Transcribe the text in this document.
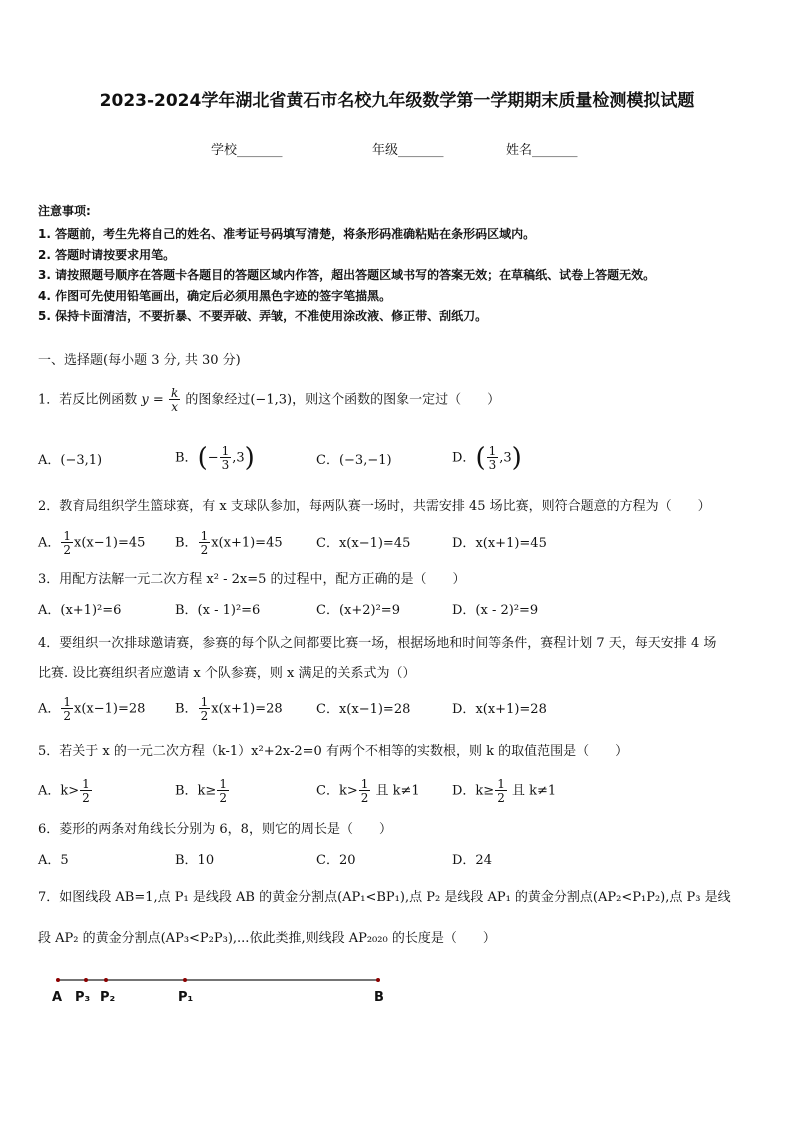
2023-2024学年湖北省黄石市名校九年级数学第一学期期末质量检测模拟试题
学校_______	年级_______	姓名_______
注意事项:
1. 答题前，考生先将自己的姓名、准考证号码填写清楚，将条形码准确粘贴在条形码区域内。
2. 答题时请按要求用笔。
3. 请按照题号顺序在答题卡各题目的答题区域内作答，超出答题区域书写的答案无效；在草稿纸、试卷上答题无效。
4. 作图可先使用铅笔画出，确定后必须用黑色字迹的签字笔描黑。
5. 保持卡面清洁，不要折暴、不要弄破、弄皱，不准使用涂改液、修正带、刮纸刀。
一、选择题(每小题 3 分, 共 30 分)
1．若反比例函数 $y = \frac{k}{x}$ 的图象经过(−1,3)，则这个函数的图象一定过（　　）
A．(−3,1)	B．(− $\frac{1}{3} ,3$)	C．(−3,−1)	D．( $\frac{1}{3} ,3$)
2．教育局组织学生篮球赛，有 x 支球队参加，每两队赛一场时，共需安排 45 场比赛，则符合题意的方程为（　　）
A． $\frac{1}{2} x(x-1)=45$ B． $\frac{1}{2} x(x+1)=45$	C．x(x−1)=45	D．x(x+1)=45
3．用配方法解一元二次方程 x² - 2x=5 的过程中，配方正确的是（　　）
A．(x+1)²=6	B．(x - 1)²=6	C．(x+2)²=9	D．(x - 2)²=9
4．要组织一次排球邀请赛，参赛的每个队之间都要比赛一场，根据场地和时间等条件，赛程计划 7 天，每天安排 4 场
比赛. 设比赛组织者应邀请 x 个队参赛，则 x 满足的关系式为（）
A． $\frac{1}{2} x(x-1)=28$ B． $\frac{1}{2} x(x+1)=28$	C．x(x−1)=28	D．x(x+1)=28
5．若关于 x 的一元二次方程（k-1）x²+2x-2=0 有两个不相等的实数根，则 k 的取值范围是（　　）
A．$k> \frac{1}{2}$	B．$k\ge \frac{1}{2}$	C．$k> \frac{1}{2}$ 且 k≠1 D．$k\ge \frac{1}{2}$ 且 k≠1
6．菱形的两条对角线长分别为 6，8，则它的周长是（　　）
A．5	B．10	C．20	D．24
7．如图线段 AB=1,点 P₁ 是线段 AB 的黄金分割点(AP₁<BP₁),点 P₂ 是线段 AP₁ 的黄金分割点(AP₂<P₁P₂),点 P₃ 是线
段 AP₂ 的黄金分割点(AP₃<P₂P₃),...依此类推,则线段 AP₂₀₂₀ 的长度是（　　）
A P₃ P₂	P₁	B
